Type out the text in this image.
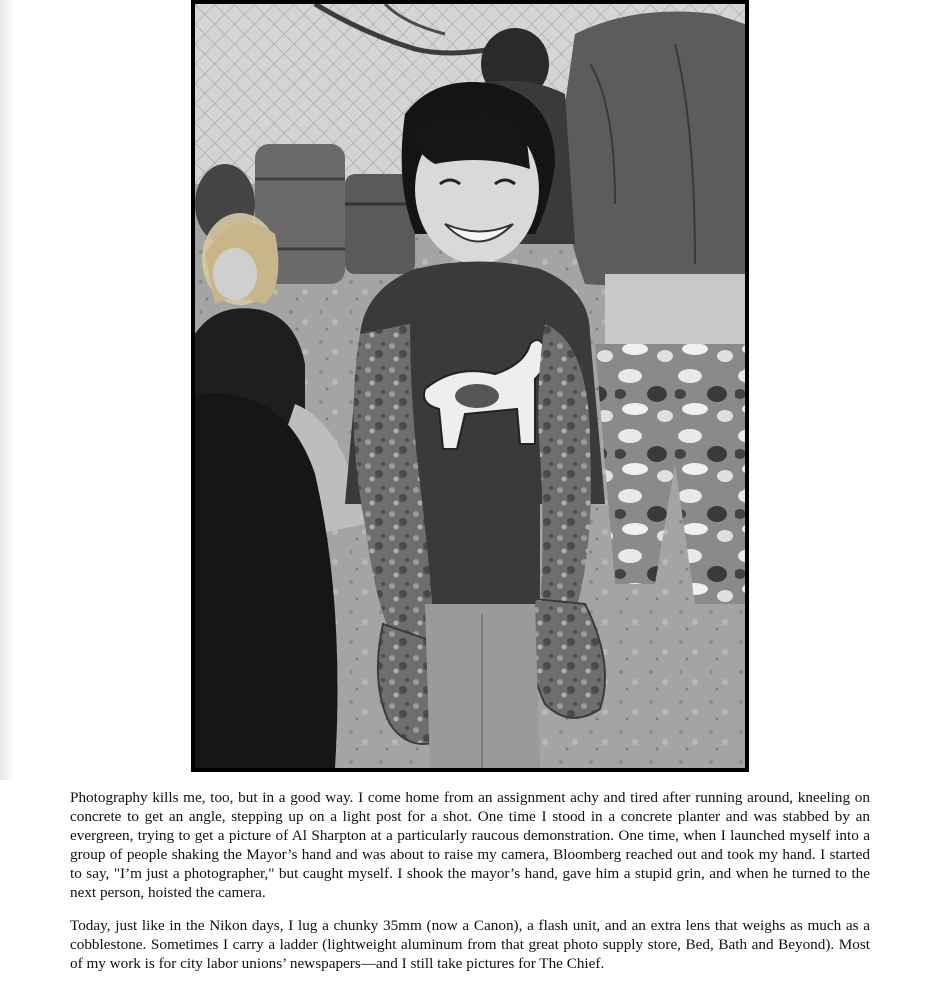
Photography kills me, too, but in a good way. I come home from an assignment achy and tired after running around, kneeling on concrete to get an angle, stepping up on a light post for a shot. One time I stood in a concrete planter and was stabbed by an evergreen, trying to get a picture of Al Sharpton at a particularly raucous demonstration. One time, when I launched myself into a group of people shaking the Mayor’s hand and was about to raise my camera, Bloomberg reached out and took my hand. I started to say, "I’m just a photographer," but caught myself. I shook the mayor’s hand, gave him a stupid grin, and when he turned to the next person, hoisted the camera.

Today, just like in the Nikon days, I lug a chunky 35mm (now a Canon), a flash unit, and an extra lens that weighs as much as a cobblestone. Sometimes I carry a ladder (lightweight aluminum from that great photo supply store, Bed, Bath and Beyond). Most of my work is for city labor unions’ newspapers—and I still take pictures for The Chief.
